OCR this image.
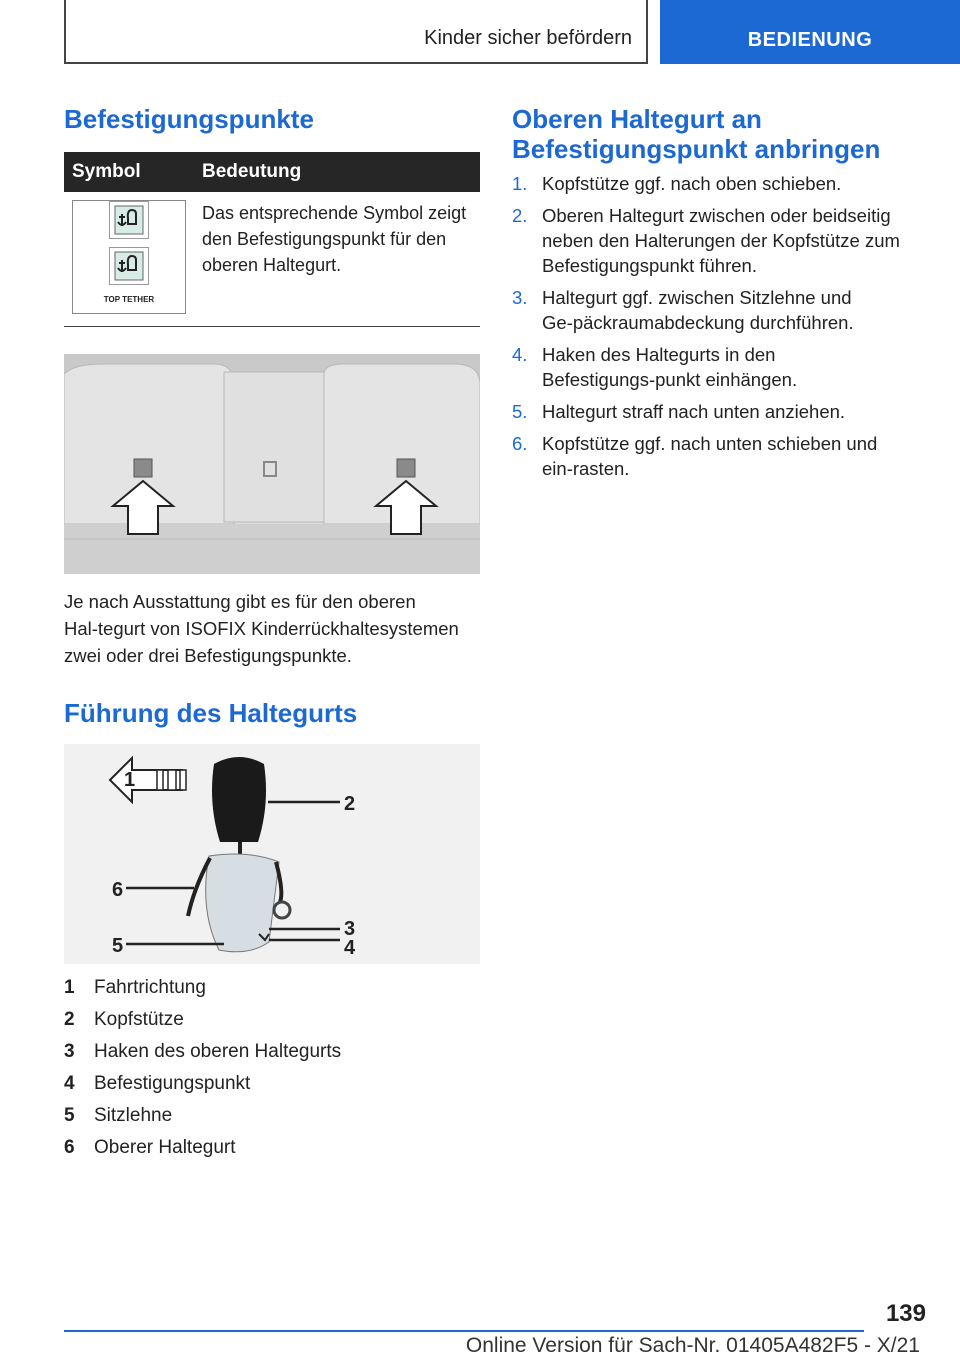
Kinder sicher befördern	BEDIENUNG
Befestigungspunkte
Symbol	Bedeutung

TOP TETHER	Das entsprechende Symbol zeigt den Befestigungspunkt für den oberen Haltegurt.

Je nach Ausstattung gibt es für den oberen Hal‑tegurt von ISOFIX Kinderrückhaltesystemen zwei oder drei Befestigungspunkte.

Führung des Haltegurts
1
2
3
4
5
6
1	Fahrtrichtung
2	Kopfstütze
3	Haken des oberen Haltegurts
4	Befestigungspunkt
5	Sitzlehne
6	Oberer Haltegurt
Oberen Haltegurt an
Befestigungspunkt anbringen
1. Kopfstütze ggf. nach oben schieben.
2. Oberen Haltegurt zwischen oder beidseitig neben den Halterungen der Kopfstütze zum Befestigungspunkt führen.
3. Haltegurt ggf. zwischen Sitzlehne und Ge‑päckraumabdeckung durchführen.
4. Haken des Haltegurts in den Befestigungs‑punkt einhängen.
5. Haltegurt straff nach unten anziehen.
6. Kopfstütze ggf. nach unten schieben und ein‑rasten.
139
Online Version für Sach-Nr. 01405A482F5 - X/21
